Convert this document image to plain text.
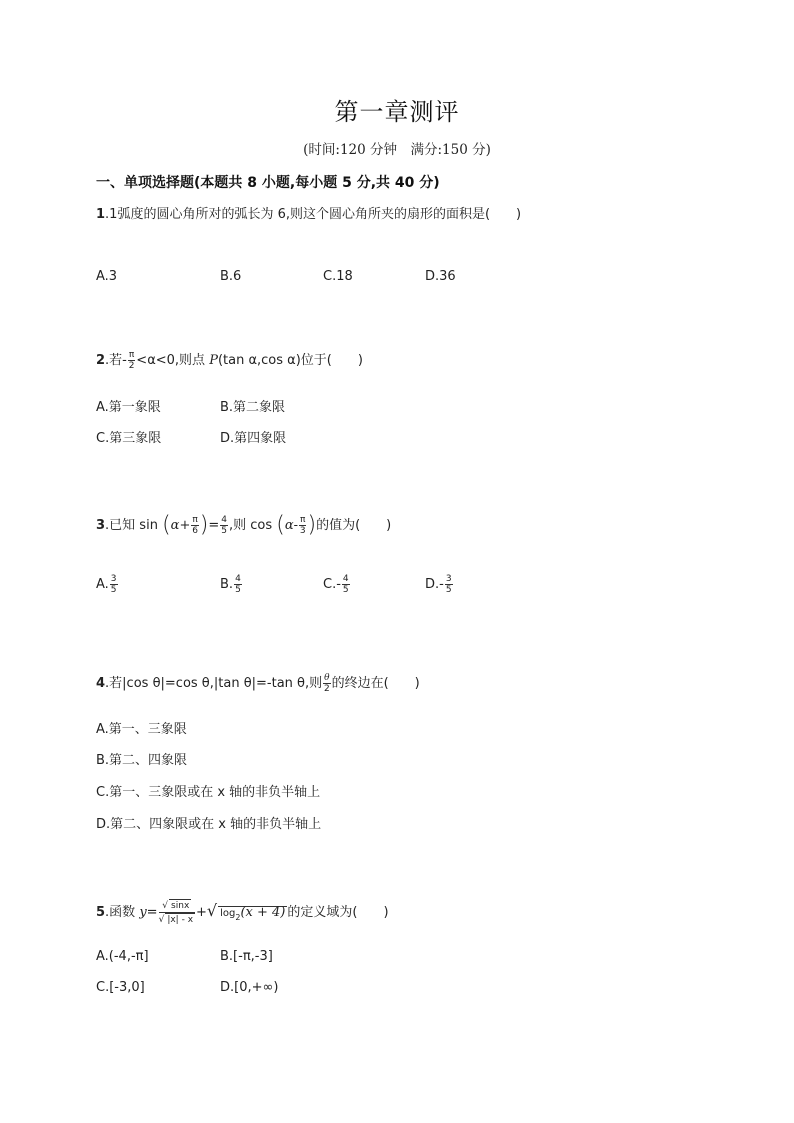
第一章测评
(时间:120 分钟　满分:150 分)
一、单项选择题(本题共 8 小题,每小题 5 分,共 40 分)
1.1弧度的圆心角所对的弧长为 6,则这个圆心角所夹的扇形的面积是(　　)
A.3	B.6	C.18	D.36
2.若- $\frac{\pi}{2} <\alpha<0$,则点 P(tan α,cos α)位于(　　)
A.第一象限	B.第二象限
C.第三象限	D.第四象限
3.已知 $\sin (\alpha+ \frac{\pi}{6}$ )= $\frac{4}{5}$ ,则 $\cos (\alpha- \frac{\pi}{3}$ )的值为(　　)
A. $\frac{3}{5}$	B. $\frac{4}{5}$	$C.- \frac{4}{5}$	$D.- \frac{3}{5}$
4.若|cos θ|=cos θ,|tan θ|=-tan θ,则 $\frac{\theta}{2}$ 的终边在(　　)
A.第一、三象限
B.第二、四象限
C.第一、三象限或在 x 轴的非负半轴上
D.第二、四象限或在 x 轴的非负半轴上
5.函数 $y= \frac{√ \sin x}{√ |x| - x}$ +√ $\log_2(x + 4)$ 的定义域为(　　)
A.(-4,-π]	B.[-π,-3]
C.[-3,0]	D.[0,+∞)
